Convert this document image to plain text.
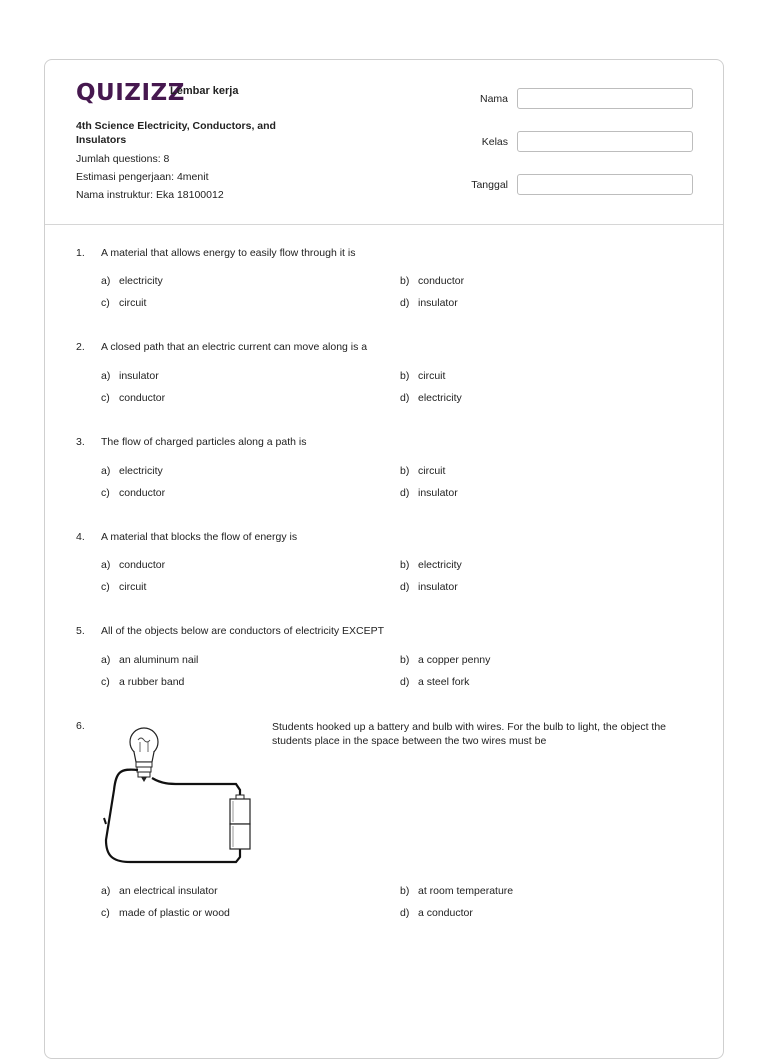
QUIZIZZ
Lembar kerja
4th Science Electricity, Conductors, and Insulators
Jumlah questions: 8
Estimasi pengerjaan: 4menit
Nama instruktur: Eka 18100012
Nama
Kelas
Tanggal
1. A material that allows energy to easily flow through it is
a) electricity	b) conductor
c) circuit	d) insulator
2. A closed path that an electric current can move along is a
a) insulator	b) circuit
c) conductor	d) electricity
3. The flow of charged particles along a path is
a) electricity	b) circuit
c) conductor	d) insulator
4. A material that blocks the flow of energy is
a) conductor	b) electricity
c) circuit	d) insulator
5. All of the objects below are conductors of electricity EXCEPT
a) an aluminum nail	b) a copper penny
c) a rubber band	d) a steel fork
6.	Students hooked up a battery and bulb with wires. For the bulb to light, the object the students place in the space between the two wires must be
a) an electrical insulator	b) at room temperature
c) made of plastic or wood	d) a conductor
